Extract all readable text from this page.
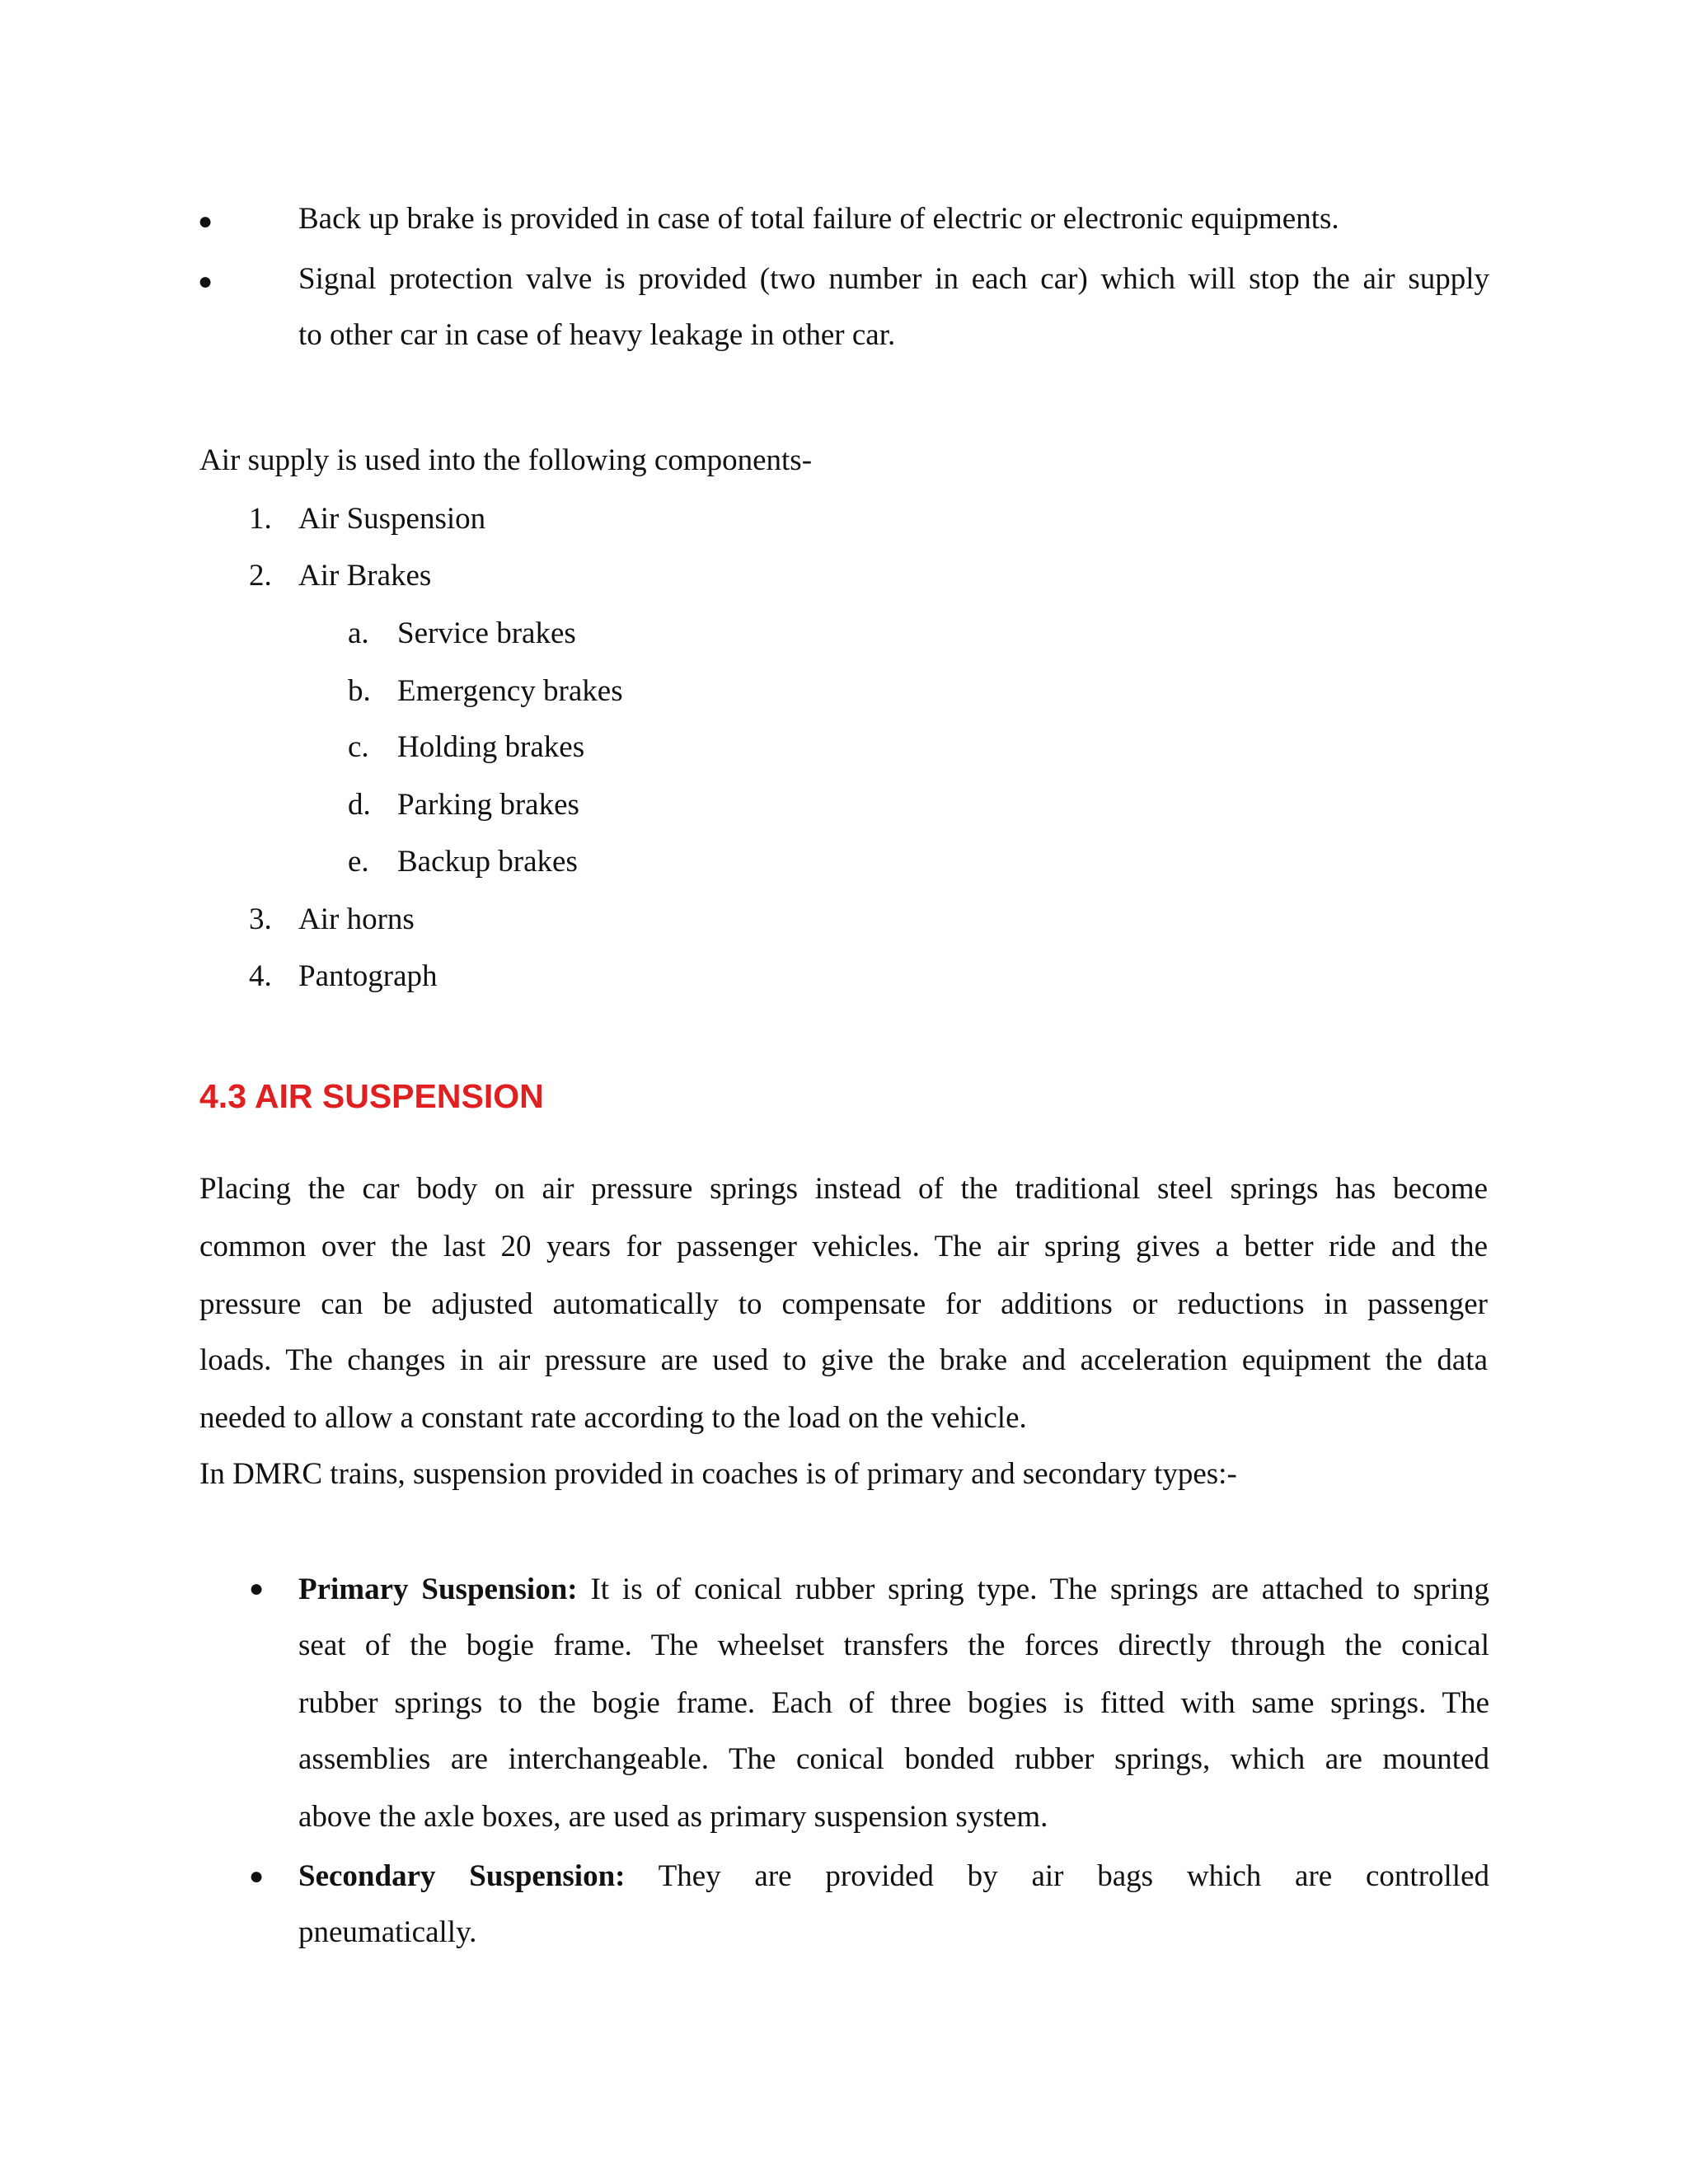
●	Back up brake is provided in case of total failure of electric or electronic equipments.
●	Signal protection valve is provided (two number in each car) which will stop the air supply
to other car in case of heavy leakage in other car.
Air supply is used into the following components-
1. Air Suspension
2. Air Brakes
a. Service brakes
b. Emergency brakes
c. Holding brakes
d. Parking brakes
e. Backup brakes
3. Air horns
4. Pantograph
4.3 AIR SUSPENSION
Placing the car body on air pressure springs instead of the traditional steel springs has become
common over the last 20 years for passenger vehicles. The air spring gives a better ride and the
pressure can be adjusted automatically to compensate for additions or reductions in passenger
loads. The changes in air pressure are used to give the brake and acceleration equipment the data
needed to allow a constant rate according to the load on the vehicle.
In DMRC trains, suspension provided in coaches is of primary and secondary types:-
● Primary Suspension: It is of conical rubber spring type. The springs are attached to spring
seat of the bogie frame. The wheelset transfers the forces directly through the conical
rubber springs to the bogie frame. Each of three bogies is fitted with same springs. The
assemblies are interchangeable. The conical bonded rubber springs, which are mounted
above the axle boxes, are used as primary suspension system.
● Secondary Suspension: They are provided by air bags which are controlled
pneumatically.
